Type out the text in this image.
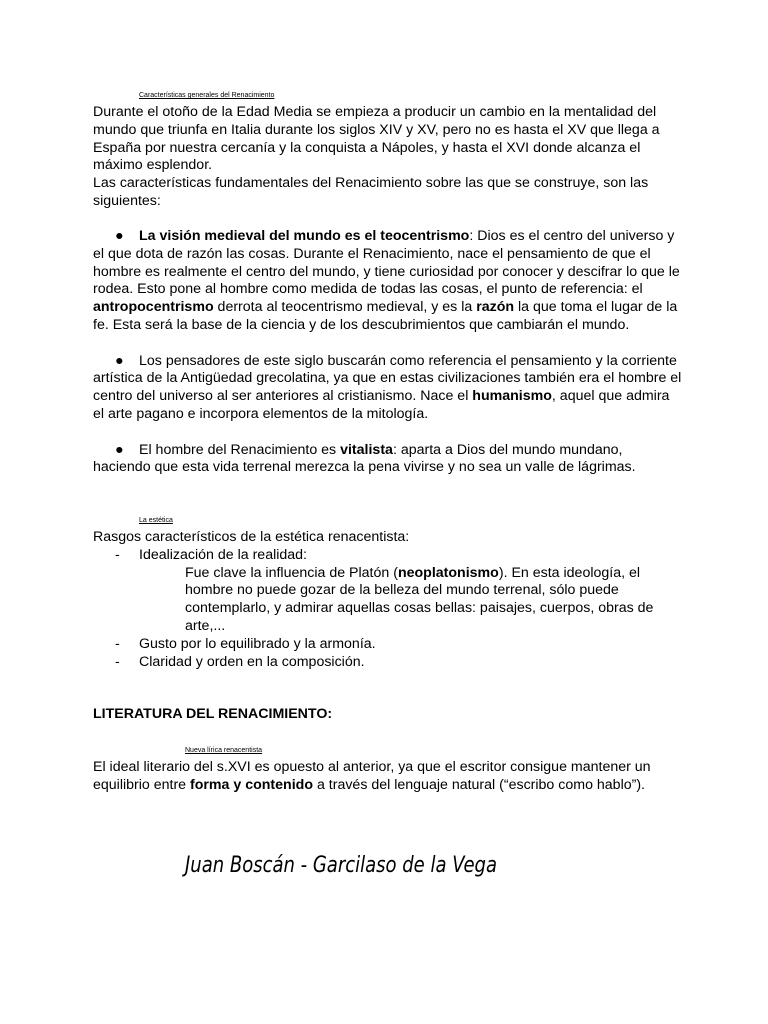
Características generales del Renacimiento

Durante el otoño de la Edad Media se empieza a producir un cambio en la mentalidad del mundo que triunfa en Italia durante los siglos XIV y XV, pero no es hasta el XV que llega a España por nuestra cercanía y la conquista a Nápoles, y hasta el XVI donde alcanza el máximo esplendor.

Las características fundamentales del Renacimiento sobre las que se construye, son las siguientes:

●	La visión medieval del mundo es el teocentrismo: Dios es el centro del universo y el que dota de razón las cosas. Durante el Renacimiento, nace el pensamiento de que el hombre es realmente el centro del mundo, y tiene curiosidad por conocer y descifrar lo que le rodea. Esto pone al hombre como medida de todas las cosas, el punto de referencia: el antropocentrismo derrota al teocentrismo medieval, y es la razón la que toma el lugar de la fe. Esta será la base de la ciencia y de los descubrimientos que cambiarán el mundo.

●	Los pensadores de este siglo buscarán como referencia el pensamiento y la corriente artística de la Antigüedad grecolatina, ya que en estas civilizaciones también era el hombre el centro del universo al ser anteriores al cristianismo. Nace el humanismo, aquel que admira el arte pagano e incorpora elementos de la mitología.

●	El hombre del Renacimiento es vitalista: aparta a Dios del mundo mundano, haciendo que esta vida terrenal merezca la pena vivirse y no sea un valle de lágrimas.

La estética

Rasgos característicos de la estética renacentista:

- Idealización de la realidad:

Fue clave la influencia de Platón (neoplatonismo). En esta ideología, el hombre no puede gozar de la belleza del mundo terrenal, sólo puede contemplarlo, y admirar aquellas cosas bellas: paisajes, cuerpos, obras de arte,...

- Gusto por lo equilibrado y la armonía.
- Claridad y orden en la composición.
LITERATURA DEL RENACIMIENTO:
Nueva lírica renacentista

El ideal literario del s.XVI es opuesto al anterior, ya que el escritor consigue mantener un equilibrio entre forma y contenido a través del lenguaje natural (“escribo como hablo”).

Juan Boscán - Garcilaso de la Vega
